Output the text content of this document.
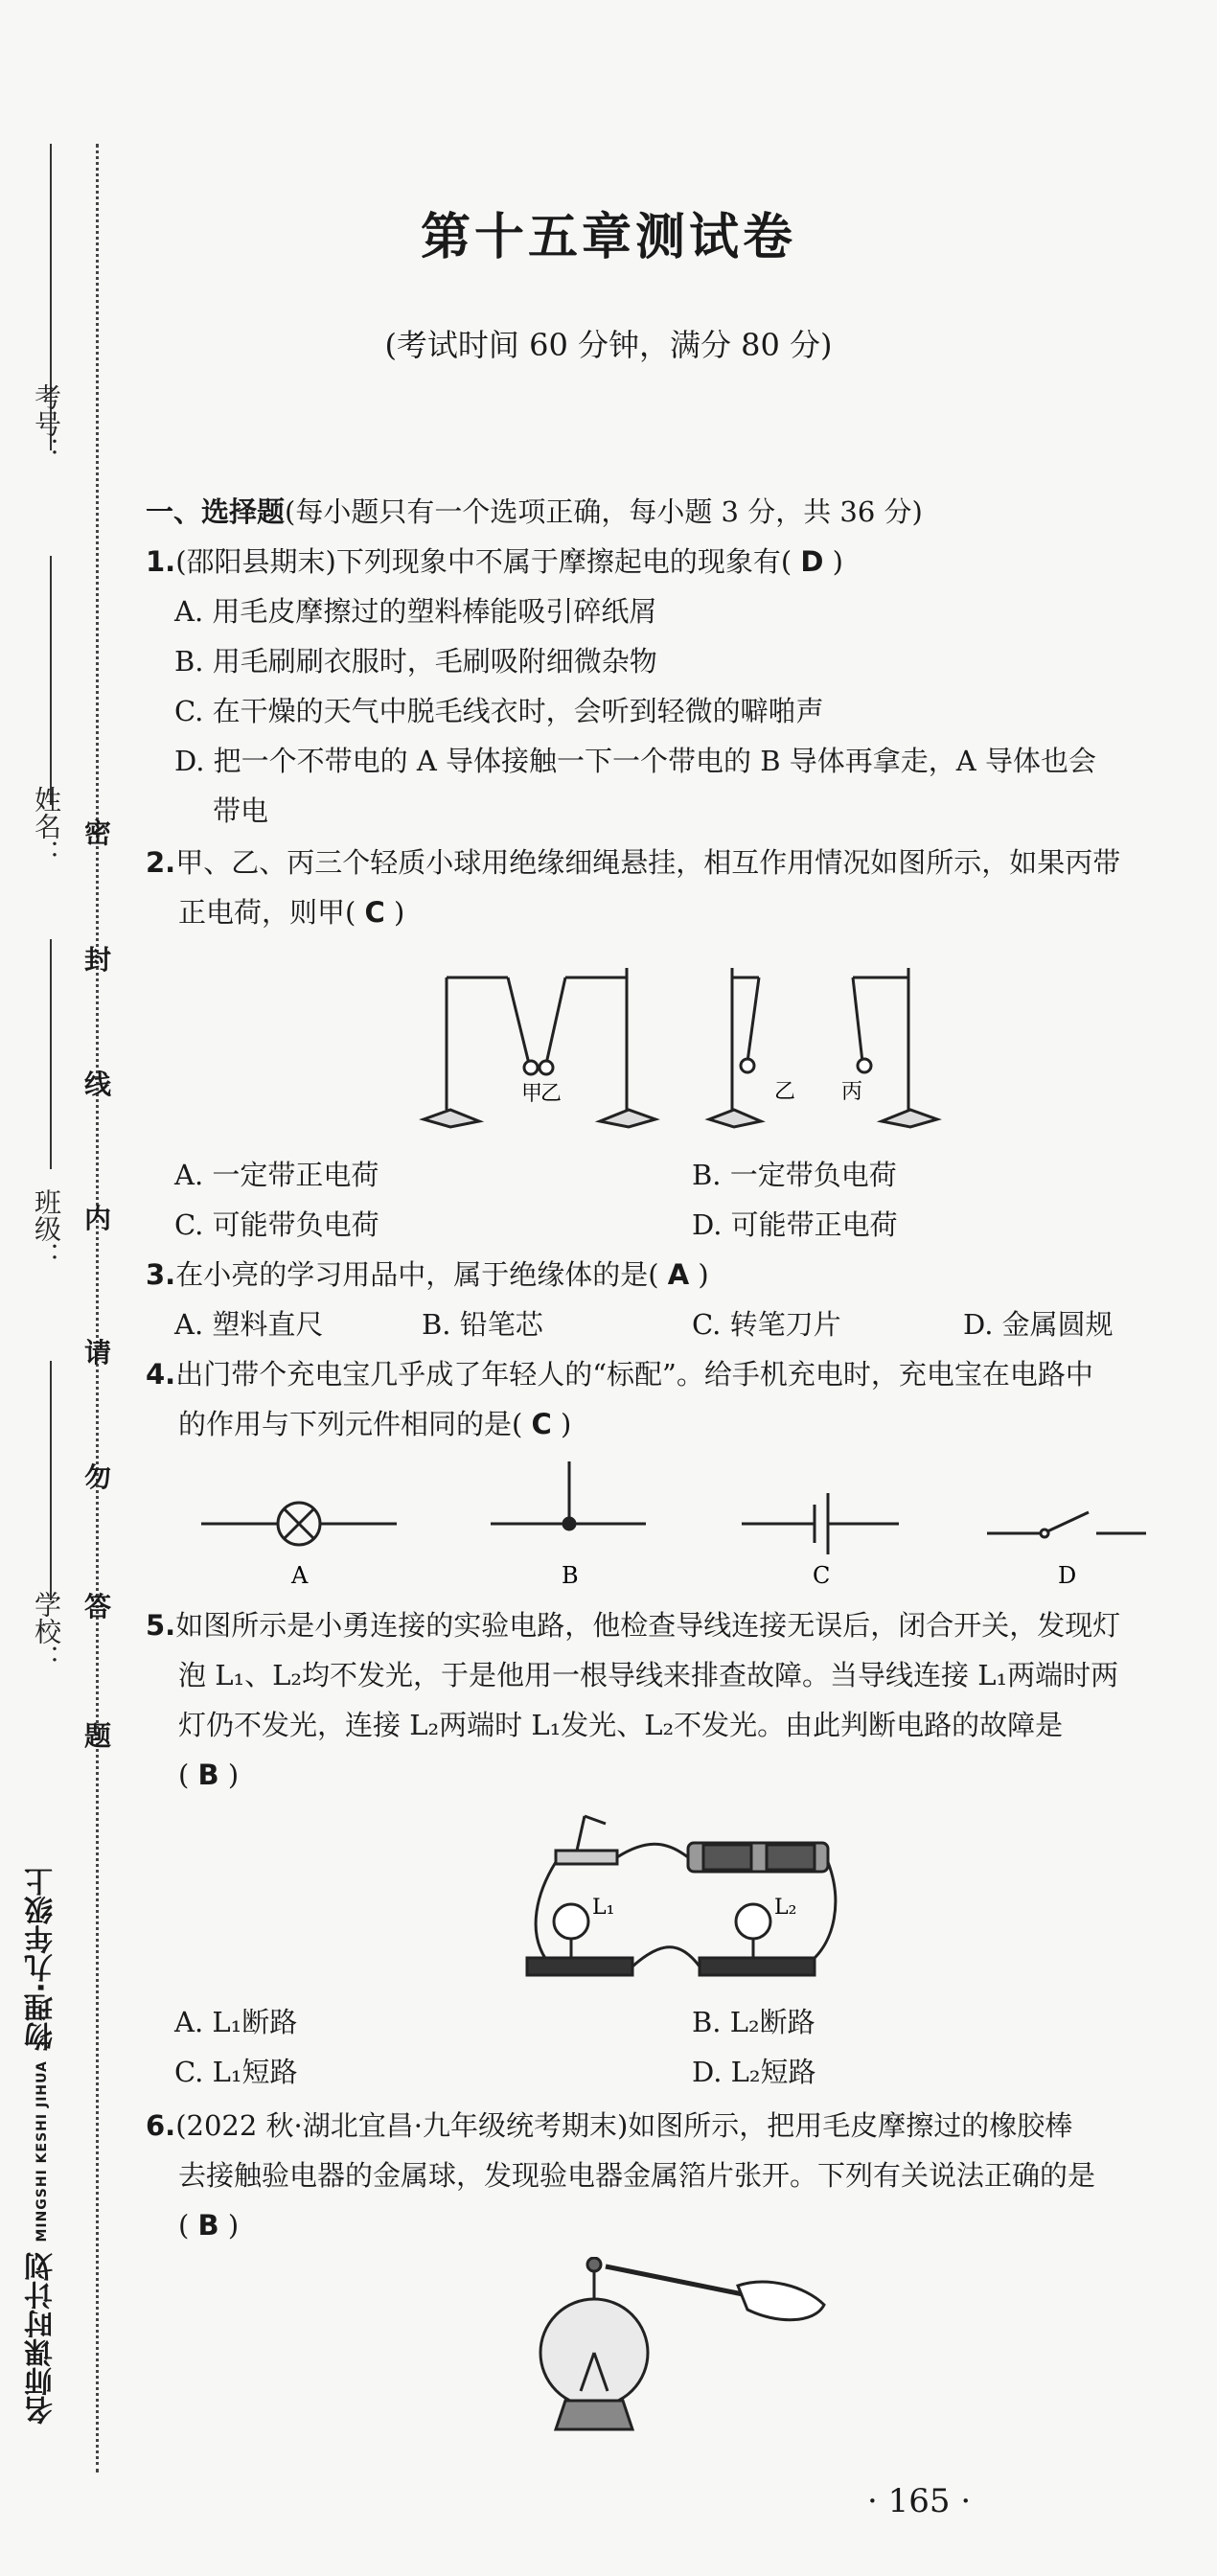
考号：
姓名：
班级：
学校：
密
封
线
内
请
勿
答
题
名师课时计划 MINGSHI KESHI JIHUA 物理·九年级上
第十五章测试卷
(考试时间 60 分钟，满分 80 分)
一、选择题(每小题只有一个选项正确，每小题 3 分，共 36 分)
1.(邵阳县期末)下列现象中不属于摩擦起电的现象有( D )
A. 用毛皮摩擦过的塑料棒能吸引碎纸屑
B. 用毛刷刷衣服时，毛刷吸附细微杂物
C. 在干燥的天气中脱毛线衣时，会听到轻微的噼啪声
D. 把一个不带电的 A 导体接触一下一个带电的 B 导体再拿走，A 导体也会
带电
2.甲、乙、丙三个轻质小球用绝缘细绳悬挂，相互作用情况如图所示，如果丙带
正电荷，则甲( C )
甲
乙	乙 丙
A. 一定带正电荷	B. 一定带负电荷
C. 可能带负电荷	D. 可能带正电荷
3.在小亮的学习用品中，属于绝缘体的是( A )
A. 塑料直尺	B. 铅笔芯	C. 转笔刀片	D. 金属圆规
4.出门带个充电宝几乎成了年轻人的“标配”。给手机充电时，充电宝在电路中
的作用与下列元件相同的是( C )
A	B	C	D
5.如图所示是小勇连接的实验电路，他检查导线连接无误后，闭合开关，发现灯
泡 L₁、L₂均不发光，于是他用一根导线来排查故障。当导线连接 L₁两端时两
灯仍不发光，连接 L₂两端时 L₁发光、L₂不发光。由此判断电路的故障是
( B )
L₁	L₂
A. L₁断路	B. L₂断路
C. L₁短路	D. L₂短路
6.(2022 秋·湖北宜昌·九年级统考期末)如图所示，把用毛皮摩擦过的橡胶棒
去接触验电器的金属球，发现验电器金属箔片张开。下列有关说法正确的是
( B )
· 165 ·
